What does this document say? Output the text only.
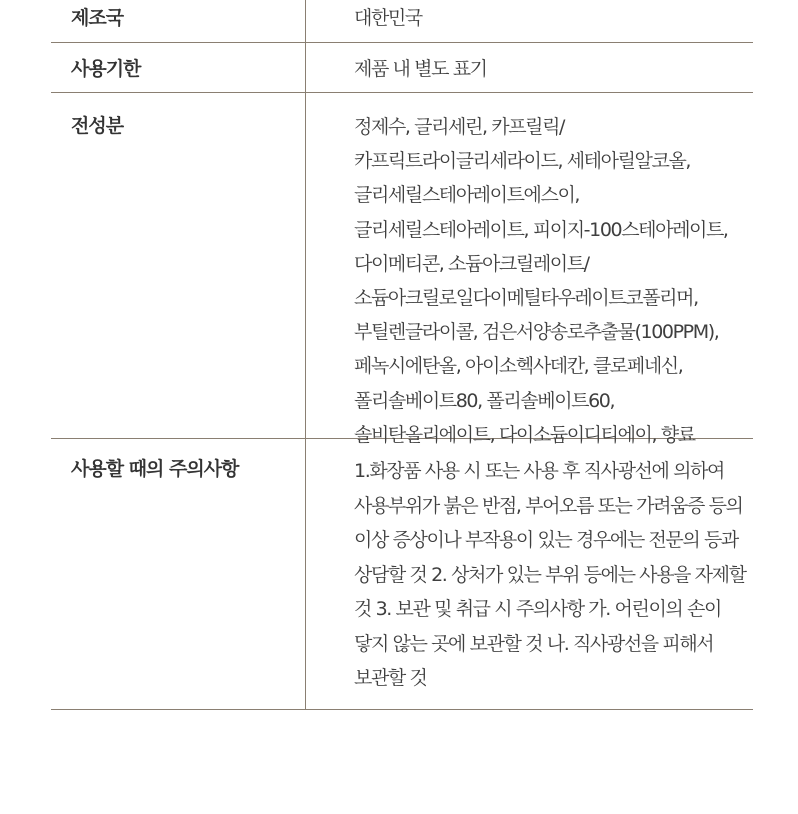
제조국	대한민국
사용기한	제품 내 별도 표기
전성분	정제수, 글리세린, 카프릴릭/카프릭트라이글리세라이드, 세테아릴알코올, 글리세릴스테아레이트에스이, 글리세릴스테아레이트, 피이지-100스테아레이트, 다이메티콘, 소듐아크릴레이트/소듐아크릴로일다이메틸타우레이트코폴리머, 부틸렌글라이콜, 검은서양송로추출물(100PPM), 페녹시에탄올, 아이소헥사데칸, 클로페네신, 폴리솔베이트80, 폴리솔베이트60, 솔비탄올리에이트, 다이소듐이디티에이, 향료
사용할 때의 주의사항	1.화장품 사용 시 또는 사용 후 직사광선에 의하여 사용부위가 붉은 반점, 부어오름 또는 가려움증 등의 이상 증상이나 부작용이 있는 경우에는 전문의 등과 상담할 것 2. 상처가 있는 부위 등에는 사용을 자제할 것 3. 보관 및 취급 시 주의사항 가. 어린이의 손이 닿지 않는 곳에 보관할 것 나. 직사광선을 피해서 보관할 것
